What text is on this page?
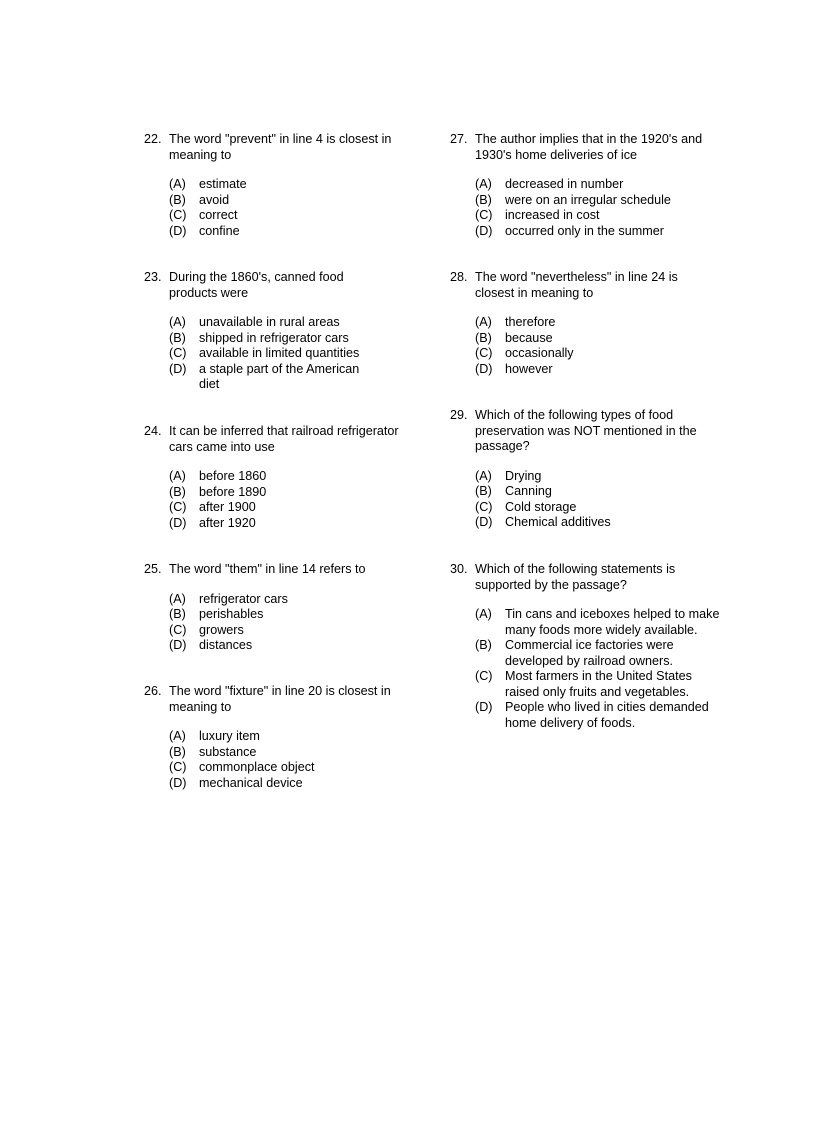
22. The word "prevent" in line 4 is closest in meaning to
(A)	estimate
(B)	avoid
(C) correct
(D) confine
23. During the 1860's, canned food products were
(A)	unavailable in rural areas
(B)	shipped in refrigerator cars
(C) available in limited quantities
(D) a staple part of the American diet
24. It can be inferred that railroad refrigerator cars came into use
(A)	before 1860
(B)	before 1890
(C) after 1900
(D) after 1920
25. The word "them" in line 14 refers to
(A)	refrigerator cars
(B)	perishables
(C) growers
(D) distances
26. The word "fixture" in line 20 is closest in meaning to
(A)	luxury item
(B)	substance
(C) commonplace object
(D) mechanical device
27. The author implies that in the 1920's and 1930's home deliveries of ice
(A)	decreased in number
(B)	were on an irregular schedule
(C) increased in cost
(D) occurred only in the summer
28. The word "nevertheless" in line 24 is closest in meaning to
(A)	therefore
(B)	because
(C) occasionally
(D) however
29. Which of the following types of food preservation was NOT mentioned in the passage?
(A)	Drying
(B)	Canning
(C) Cold storage
(D) Chemical additives
30. Which of the following statements is supported by the passage?
(A)	Tin cans and iceboxes helped to make many foods more widely available.
(B)	Commercial ice factories were developed by railroad owners.
(C) Most farmers in the United States raised only fruits and vegetables.
(D) People who lived in cities demanded home delivery of foods.
